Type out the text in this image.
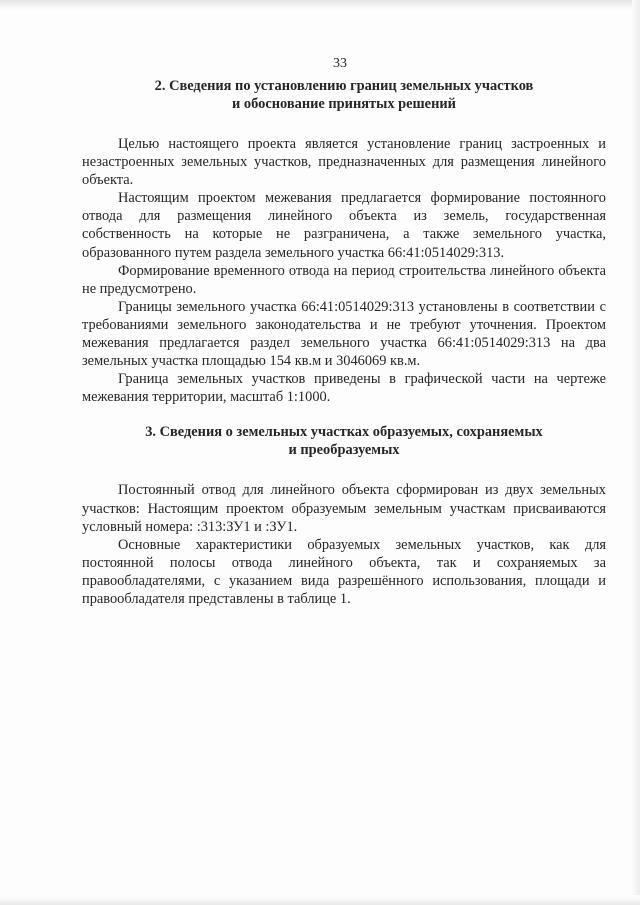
33
2. Сведения по установлению границ земельных участков
и обоснование принятых решений

Целью настоящего проекта является установление границ застроенных и незастроенных земельных участков, предназначенных для размещения линейного объекта.

Настоящим проектом межевания предлагается формирование постоянного отвода для размещения линейного объекта из земель, государственная собственность на которые не разграничена, а также земельного участка, образованного путем раздела земельного участка 66:41:0514029:313.

Формирование временного отвода на период строительства линейного объекта не предусмотрено.

Границы земельного участка 66:41:0514029:313 установлены в соответствии с требованиями земельного законодательства и не требуют уточнения. Проектом межевания предлагается раздел земельного участка 66:41:0514029:313 на два земельных участка площадью 154 кв.м и 3046069 кв.м.

Граница земельных участков приведены в графической части на чертеже межевания территории, масштаб 1:1000.

3. Сведения о земельных участках образуемых, сохраняемых
и преобразуемых

Постоянный отвод для линейного объекта сформирован из двух земельных участков: Настоящим проектом образуемым земельным участкам присваиваются условный номера: :313:ЗУ1 и :ЗУ1.

Основные характеристики образуемых земельных участков, как для постоянной полосы отвода линейного объекта, так и сохраняемых за правообладателями, с указанием вида разрешённого использования, площади и правообладателя представлены в таблице 1.
